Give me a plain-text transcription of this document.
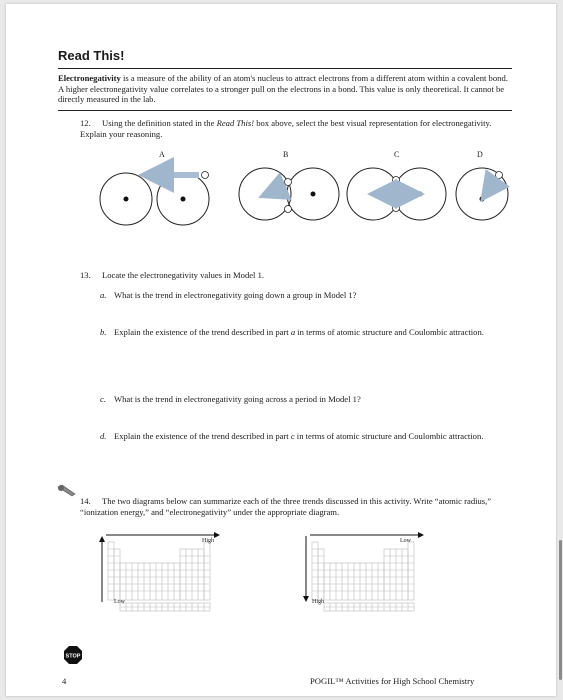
Read This!
Electronegativity is a measure of the ability of an atom's nucleus to attract electrons from a different atom within a covalent bond. A higher electronegativity value correlates to a stronger pull on the electrons in a bond. This value is only theoretical. It cannot be directly measured in the lab.
12. Using the definition stated in the Read This! box above, select the best visual representation for electronegativity. Explain your reasoning.
A	B	C	D
13. Locate the electronegativity values in Model 1.
a. What is the trend in electronegativity going down a group in Model 1?
b. Explain the existence of the trend described in part a in terms of atomic structure and Coulombic attraction.
c. What is the trend in electronegativity going across a period in Model 1?
d. Explain the existence of the trend described in part c in terms of atomic structure and Coulombic attraction.
14. The two diagrams below can summarize each of the three trends discussed in this activity. Write “atomic radius,” “ionization energy,” and “electronegativity” under the appropriate diagram.
High
Low
Low
High
STOP
4	POGIL™ Activities for High School Chemistry
